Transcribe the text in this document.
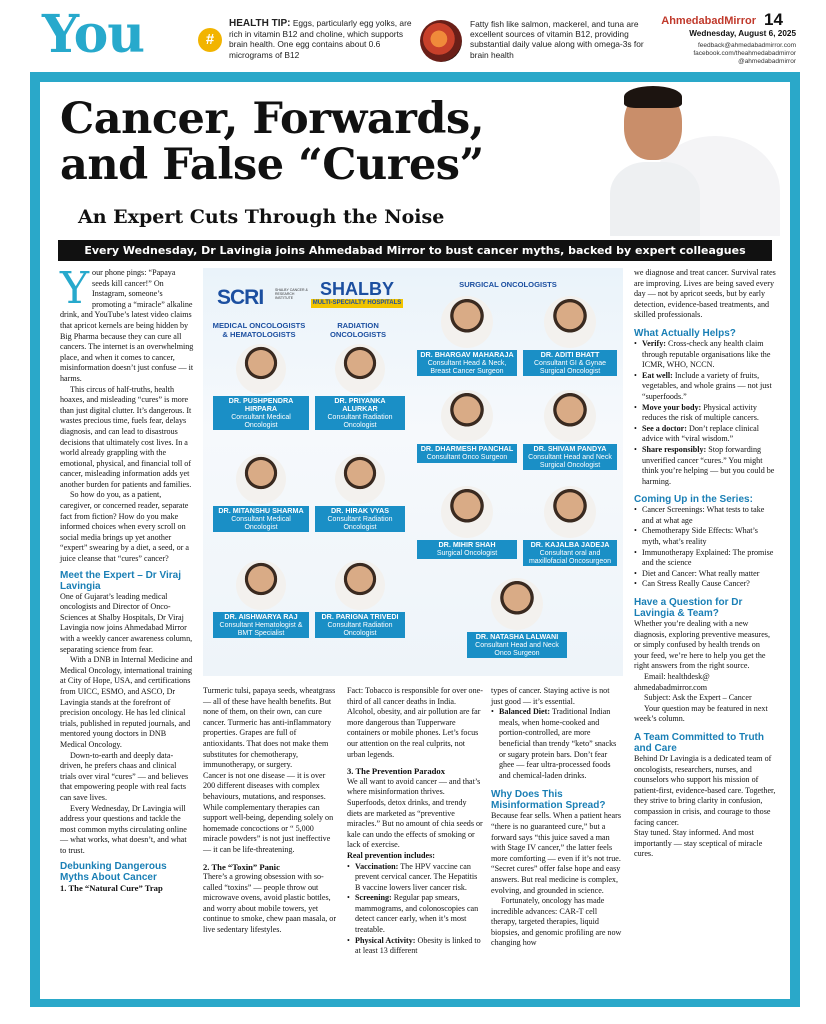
You	#
HEALTH TIP: Eggs, particularly egg yolks, are rich in vitamin B12 and choline, which supports brain health. One egg contains about 0.6 micrograms of B12
Fatty fish like salmon, mackerel, and tuna are excellent sources of vitamin B12, providing substantial daily value along with omega-3s for brain health
AhmedabadMirror 14
Wednesday, August 6, 2025
feedback@ahmedabadmirror.com
facebook.com/theahmedabadmirror
@ahmedabadmirror
Cancer, Forwards,
and False “Cures”
An Expert Cuts Through the Noise
Every Wednesday, Dr Lavingia joins Ahmedabad Mirror to bust cancer myths, backed by expert colleagues
Y our phone pings: “Papaya seeds kill cancer!” On Instagram, someone’s promoting a “miracle” alkaline drink, and YouTube’s latest video claims that apricot kernels are being hidden by Big Pharma because they can cure all cancers. The internet is an overwhelming place, and when it comes to cancer, misinformation doesn’t just confuse — it harms.
This circus of half-truths, health hoaxes, and misleading “cures” is more than just digital clutter. It’s dangerous. It wastes precious time, fuels fear, delays diagnosis, and can lead to disastrous decisions that ultimately cost lives. In a world already grappling with the emotional, physical, and financial toll of cancer, misleading information adds yet another burden for patients and families.
So how do you, as a patient, caregiver, or concerned reader, separate fact from fiction? How do you make informed choices when every scroll on social media brings up yet another “expert” swearing by a diet, a seed, or a juice cleanse that “cures” cancer?
Meet the Expert – Dr Viraj Lavingia
One of Gujarat’s leading medical oncologists and Director of Onco-Sciences at Shalby Hospitals, Dr Viraj Lavingia now joins Ahmedabad Mirror with a weekly cancer awareness column, separating science from fear.
With a DNB in Internal Medicine and Medical Oncology, international training at City of Hope, USA, and certifications from UICC, ESMO, and ASCO, Dr Lavingia stands at the forefront of precision oncology. He has led clinical trials, published in reputed journals, and mentored young doctors in DNB Medical Oncology.
Down-to-earth and deeply data-driven, he prefers chaas and clinical trials over viral “cures” — and believes that empowering people with real facts can save lives.
Every Wednesday, Dr Lavingia will address your questions and tackle the most common myths circulating online — what works, what doesn’t, and what to trust.
Debunking Dangerous Myths About Cancer
1. The “Natural Cure” Trap
SCRI	SHALBY CANCER & RESEARCH INSTITUTE	SHALBY
MULTI-SPECIALTY HOSPITALS
MEDICAL ONCOLOGISTS & HEMATOLOGISTS
RADIATION ONCOLOGISTS
SURGICAL ONCOLOGISTS
DR. PUSHPENDRA HIRPARA
Consultant Medical Oncologist
DR. MITANSHU SHARMA
Consultant Medical Oncologist
DR. AISHWARYA RAJ
Consultant Hematologist & BMT Specialist
DR. PRIYANKA ALURKAR
Consultant Radiation Oncologist
DR. HIRAK VYAS
Consultant Radiation Oncologist
DR. PARIGNA TRIVEDI
Consultant Radiation Oncologist
DR. BHARGAV MAHARAJA
Consultant Head & Neck, Breast Cancer Surgeon
DR. DHARMESH PANCHAL
Consultant Onco Surgeon
DR. MIHIR SHAH
Surgical Oncologist
DR. ADITI BHATT
Consultant GI & Gynae Surgical Oncologist
DR. SHIVAM PANDYA
Consultant Head and Neck Surgical Oncologist
DR. KAJALBA JADEJA
Consultant oral and maxillofacial Oncosurgeon
DR. NATASHA LALWANI
Consultant Head and Neck Onco Surgeon
Turmeric tulsi, papaya seeds, wheatgrass — all of these have health benefits. But none of them, on their own, can cure cancer. Turmeric has anti-inflammatory properties. Grapes are full of antioxidants. That does not make them substitutes for chemotherapy, immunotherapy, or surgery.
Cancer is not one disease — it is over 200 different diseases with complex behaviours, mutations, and responses. While complementary therapies can support well-being, depending solely on homemade concoctions or “ 5,000 miracle powders” is not just ineffective — it can be life-threatening.
2. The “Toxin” Panic
There’s a growing obsession with so-called “toxins” — people throw out microwave ovens, avoid plastic bottles, and worry about mobile towers, yet continue to smoke, chew paan masala, or live sedentary lifestyles.
Fact: Tobacco is responsible for over one-third of all cancer deaths in India. Alcohol, obesity, and air pollution are far more dangerous than Tupperware containers or mobile phones. Let’s focus our attention on the real culprits, not urban legends.
3. The Prevention Paradox
We all want to avoid cancer — and that’s where misinformation thrives. Superfoods, detox drinks, and trendy diets are marketed as “preventive miracles.” But no amount of chia seeds or kale can undo the effects of smoking or lack of exercise.
Real prevention includes:
• Vaccination: The HPV vaccine can prevent cervical cancer. The Hepatitis B vaccine lowers liver cancer risk.
• Screening: Regular pap smears, mammograms, and colonoscopies can detect cancer early, when it’s most treatable.
• Physical Activity: Obesity is linked to at least 13 different
types of cancer. Staying active is not just good — it’s essential.
• Balanced Diet: Traditional Indian meals, when home-cooked and portion-controlled, are more beneficial than trendy “keto” snacks or sugary protein bars. Don’t fear ghee — fear ultra-processed foods and chemical-laden drinks.
Why Does This Misinformation Spread?
Because fear sells. When a patient hears “there is no guaranteed cure,” but a forward says “this juice saved a man with Stage IV cancer,” the latter feels more comforting — even if it’s not true. “Secret cures” offer false hope and easy answers. But real medicine is complex, evolving, and grounded in science.
Fortunately, oncology has made incredible advances: CAR-T cell therapy, targeted therapies, liquid biopsies, and genomic profiling are now changing how
we diagnose and treat cancer. Survival rates are improving. Lives are being saved every day — not by apricot seeds, but by early detection, evidence-based treatments, and skilled professionals.
What Actually Helps?
• Verify: Cross-check any health claim through reputable organisations like the ICMR, WHO, NCCN.
• Eat well: Include a variety of fruits, vegetables, and whole grains — not just “superfoods.”
• Move your body: Physical activity reduces the risk of multiple cancers.
• See a doctor: Don’t replace clinical advice with “viral wisdom.”
• Share responsibly: Stop forwarding unverified cancer “cures.” You might think you’re helping — but you could be harming.
Coming Up in the Series:
• Cancer Screenings: What tests to take and at what age
• Chemotherapy Side Effects: What’s myth, what’s reality
• Immunotherapy Explained: The promise and the science
• Diet and Cancer: What really matter
• Can Stress Really Cause Cancer?
Have a Question for Dr Lavingia & Team?
Whether you’re dealing with a new diagnosis, exploring preventive measures, or simply confused by health trends on your feed, we’re here to help you get the right answers from the right source.
Email: healthdesk@ ahmedabadmirror.com
Subject: Ask the Expert – Cancer
Your question may be featured in next week’s column.
A Team Committed to Truth and Care
Behind Dr Lavingia is a dedicated team of oncologists, researchers, nurses, and counselors who support his mission of patient-first, evidence-based care. Together, they strive to bring clarity in confusion, compassion in crisis, and courage to those facing cancer.
Stay tuned. Stay informed. And most importantly — stay sceptical of miracle cures.
